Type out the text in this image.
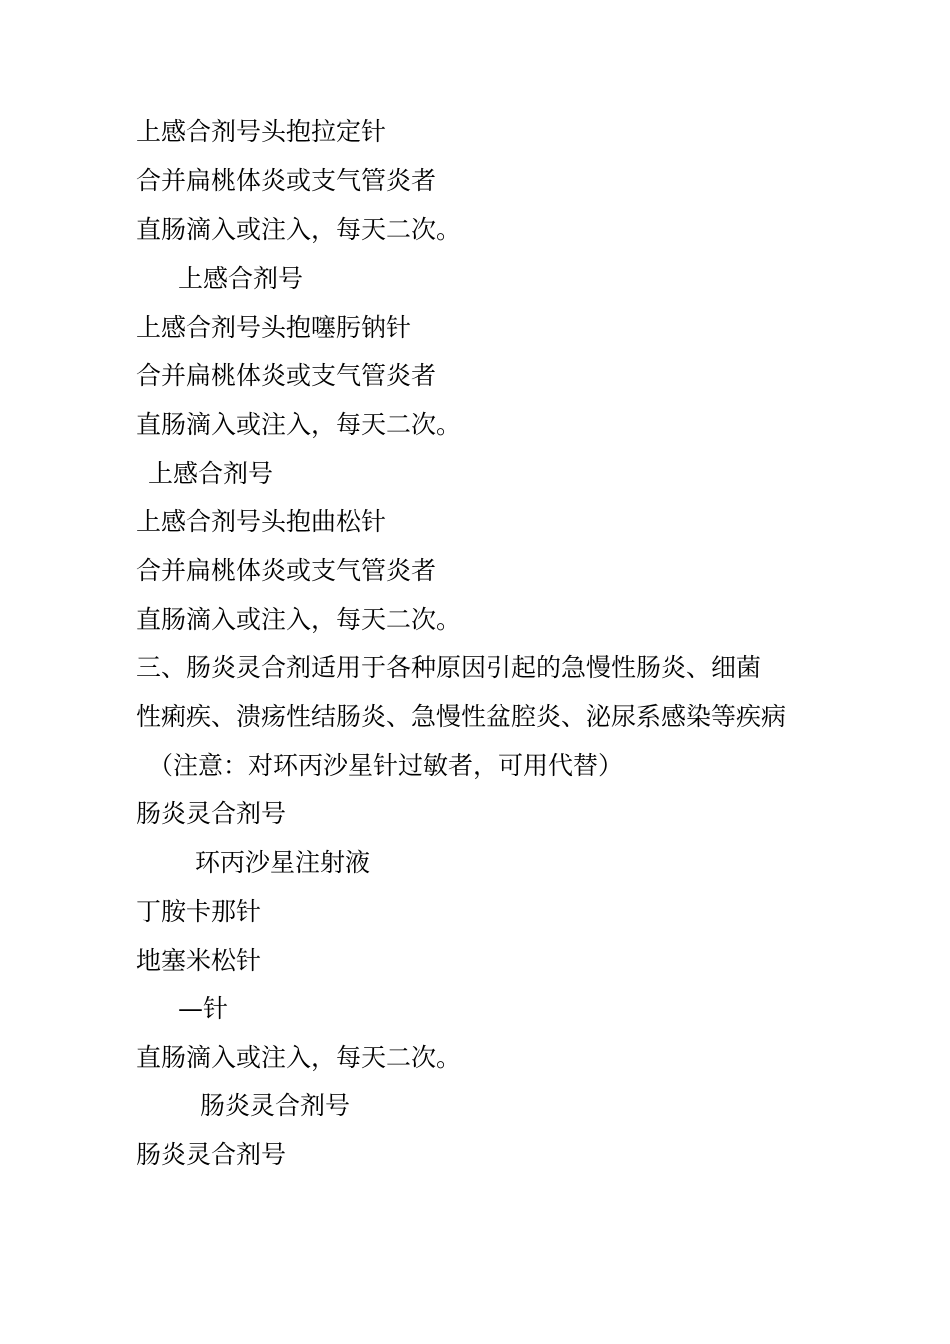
上感合剂号头抱拉定针
合并扁桃体炎或支气管炎者
直肠滴入或注入，每天二次。
上感合剂号
上感合剂号头抱噻肟钠针
合并扁桃体炎或支气管炎者
直肠滴入或注入，每天二次。
上感合剂号
上感合剂号头抱曲松针
合并扁桃体炎或支气管炎者
直肠滴入或注入，每天二次。
三、肠炎灵合剂适用于各种原因引起的急慢性肠炎、细菌
性痢疾、溃疡性结肠炎、急慢性盆腔炎、泌尿系感染等疾病
（注意：对环丙沙星针过敏者，可用代替）
肠炎灵合剂号
环丙沙星注射液
丁胺卡那针
地塞米松针
—针
直肠滴入或注入，每天二次。
肠炎灵合剂号
肠炎灵合剂号
